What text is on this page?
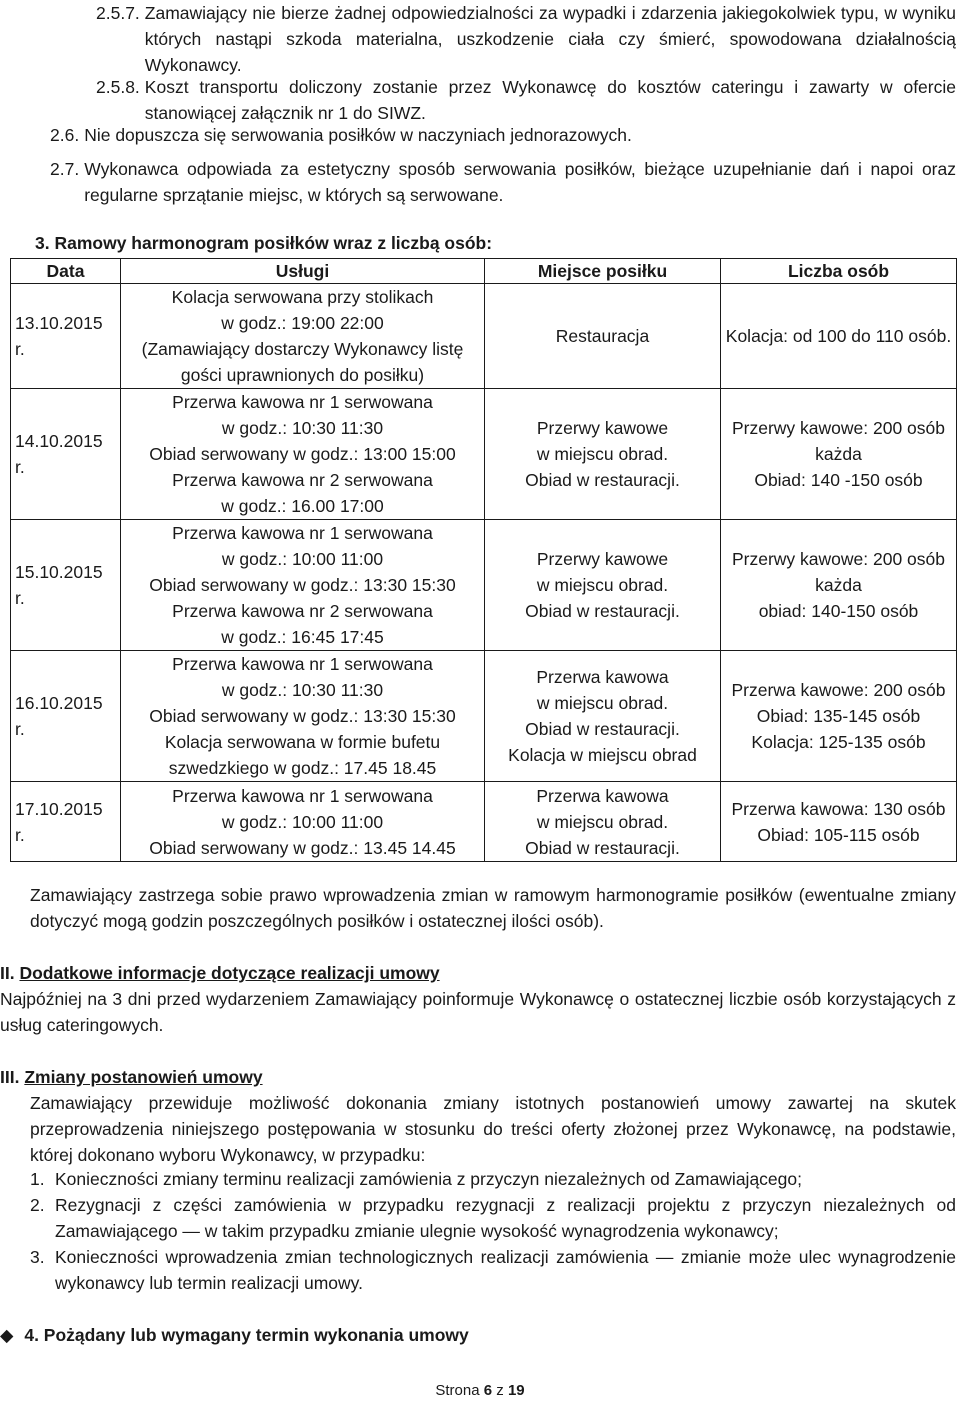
2.5.7. Zamawiający nie bierze żadnej odpowiedzialności za wypadki i zdarzenia jakiegokolwiek typu, w wyniku których nastąpi szkoda materialna, uszkodzenie ciała czy śmierć, spowodowana działalnością Wykonawcy.
2.5.8. Koszt transportu doliczony zostanie przez Wykonawcę do kosztów cateringu i zawarty w ofercie stanowiącej załącznik nr 1 do SIWZ.
2.6. Nie dopuszcza się serwowania posiłków w naczyniach jednorazowych.
2.7. Wykonawca odpowiada za estetyczny sposób serwowania posiłków, bieżące uzupełnianie dań i napoi oraz regularne sprzątanie miejsc, w których są serwowane.
3. Ramowy harmonogram posiłków wraz z liczbą osób:
Data	Usługi	Miejsce posiłku	Liczba osób
13.10.2015 r.	Kolacja serwowana przy stolikach
w godz.: 19:00 22:00
(Zamawiający dostarczy Wykonawcy listę
gości uprawnionych do posiłku)	Restauracja	Kolacja: od 100 do 110 osób.

14.10.2015 r.	Przerwa kawowa nr 1 serwowana
w godz.: 10:30 11:30
Obiad serwowany w godz.: 13:00 15:00
Przerwa kawowa nr 2 serwowana
w godz.: 16.00 17:00	Przerwy kawowe
w miejscu obrad.
Obiad w restauracji.	Przerwy kawowe: 200 osób
każda
Obiad: 140 -150 osób

15.10.2015 r.	Przerwa kawowa nr 1 serwowana
w godz.: 10:00 11:00
Obiad serwowany w godz.: 13:30 15:30
Przerwa kawowa nr 2 serwowana
w godz.: 16:45 17:45	Przerwy kawowe
w miejscu obrad.
Obiad w restauracji.	Przerwy kawowe: 200 osób
każda
obiad: 140-150 osób

16.10.2015 r.	Przerwa kawowa nr 1 serwowana
w godz.: 10:30 11:30
Obiad serwowany w godz.: 13:30 15:30
Kolacja serwowana w formie bufetu
szwedzkiego w godz.: 17.45 18.45	Przerwa kawowa
w miejscu obrad.
Obiad w restauracji.
Kolacja w miejscu obrad	Przerwa kawowe: 200 osób
Obiad: 135-145 osób
Kolacja: 125-135 osób

17.10.2015 r.	Przerwa kawowa nr 1 serwowana
w godz.: 10:00 11:00
Obiad serwowany w godz.: 13.45 14.45	Przerwa kawowa
w miejscu obrad.
Obiad w restauracji.	Przerwa kawowa: 130 osób
Obiad: 105-115 osób
Zamawiający zastrzega sobie prawo wprowadzenia zmian w ramowym harmonogramie posiłków (ewentualne zmiany dotyczyć mogą godzin poszczególnych posiłków i ostatecznej ilości osób).
II. Dodatkowe informacje dotyczące realizacji umowy
Najpóźniej na 3 dni przed wydarzeniem Zamawiający poinformuje Wykonawcę o ostatecznej liczbie osób korzystających z usług cateringowych.
III. Zmiany postanowień umowy
Zamawiający przewiduje możliwość dokonania zmiany istotnych postanowień umowy zawartej na skutek przeprowadzenia niniejszego postępowania w stosunku do treści oferty złożonej przez Wykonawcę, na podstawie, której dokonano wyboru Wykonawcy, w przypadku:
1. Konieczności zmiany terminu realizacji zamówienia z przyczyn niezależnych od Zamawiającego;
2. Rezygnacji z części zamówienia w przypadku rezygnacji z realizacji projektu z przyczyn niezależnych od Zamawiającego — w takim przypadku zmianie ulegnie wysokość wynagrodzenia wykonawcy;
3. Konieczności wprowadzenia zmian technologicznych realizacji zamówienia — zmianie może ulec wynagrodzenie wykonawcy lub termin realizacji umowy.
◆ 4. Pożądany lub wymagany termin wykonania umowy
Strona 6 z 19
